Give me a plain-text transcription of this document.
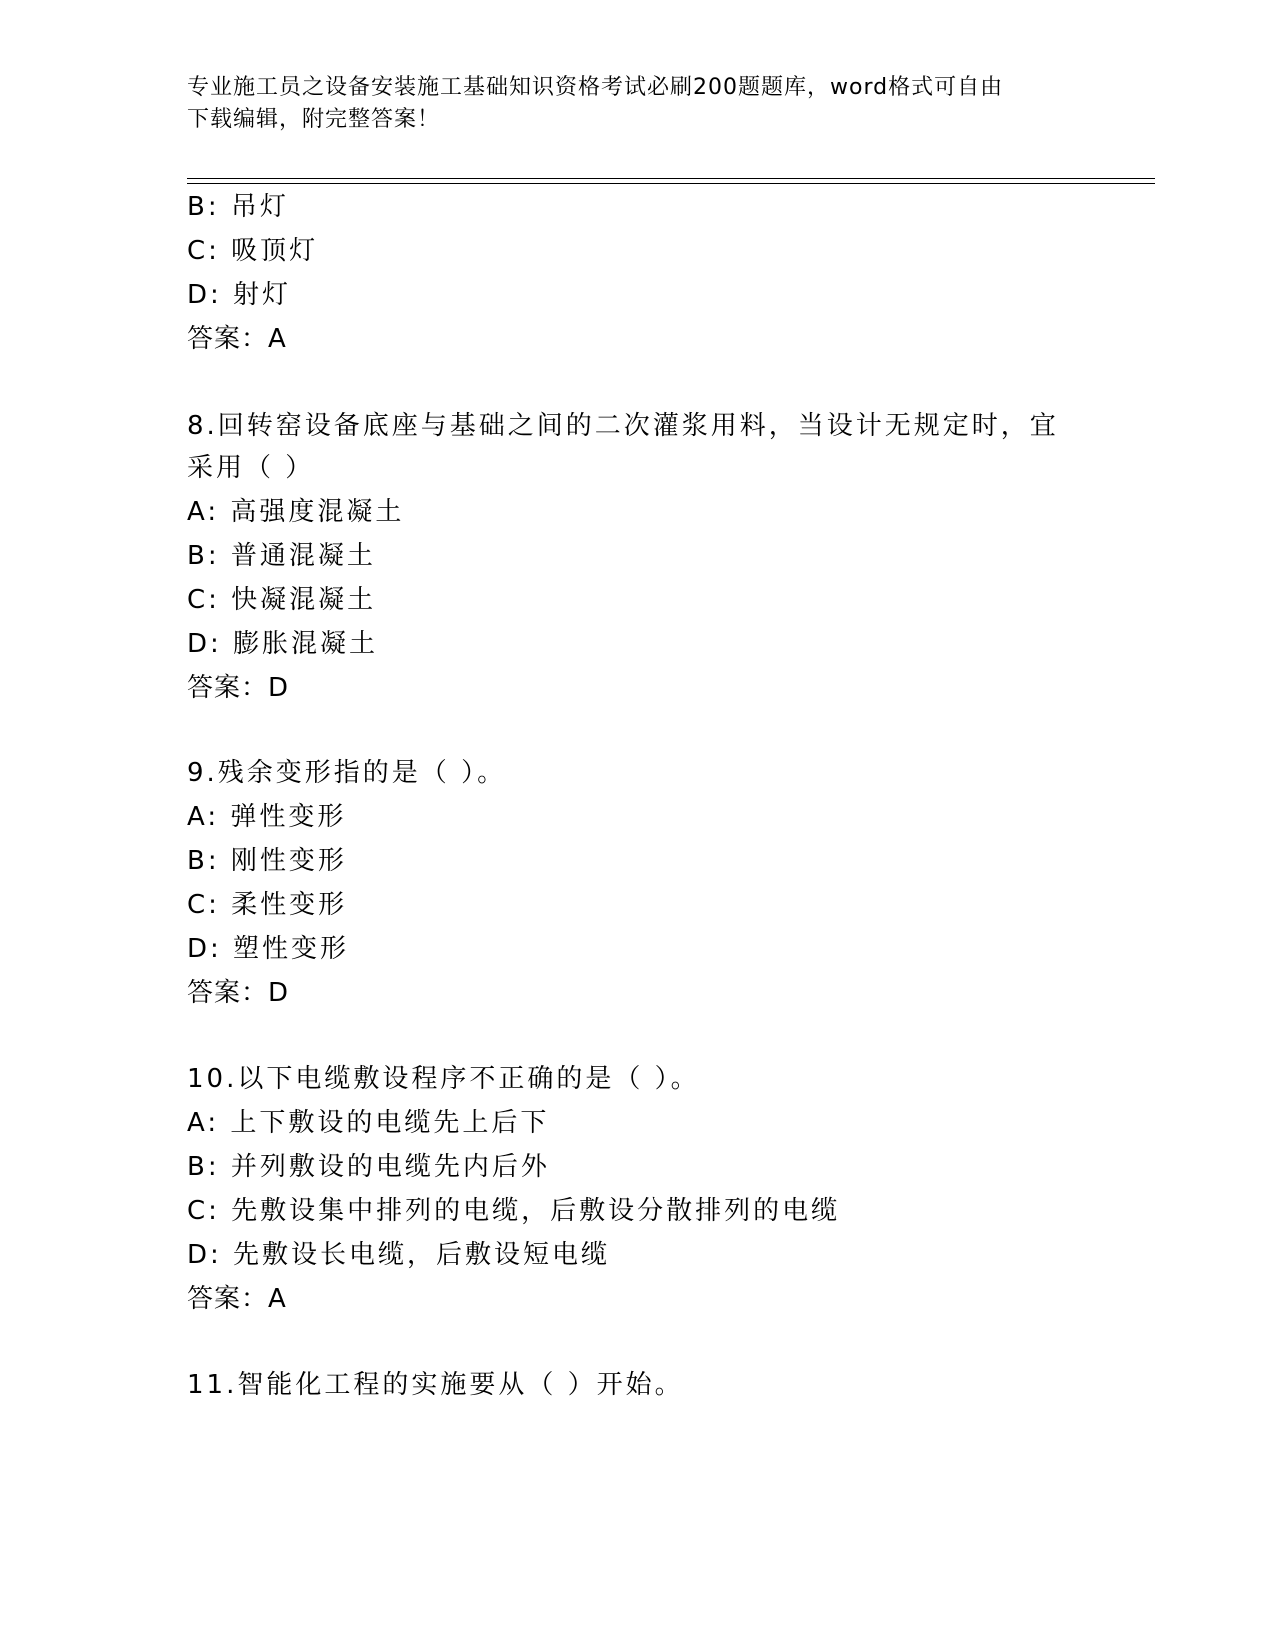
专业施工员之设备安装施工基础知识资格考试必刷200题题库，word格式可自由
下载编辑，附完整答案！
B: 吊灯
C: 吸顶灯
D: 射灯
答案：A
8.回转窑设备底座与基础之间的二次灌浆用料，当设计无规定时，宜
采用（ ）
A: 高强度混凝土
B: 普通混凝土
C: 快凝混凝土
D: 膨胀混凝土
答案：D
9.残余变形指的是（ ）。
A: 弹性变形
B: 刚性变形
C: 柔性变形
D: 塑性变形
答案：D
10.以下电缆敷设程序不正确的是（ ）。
A: 上下敷设的电缆先上后下
B: 并列敷设的电缆先内后外
C: 先敷设集中排列的电缆，后敷设分散排列的电缆
D: 先敷设长电缆，后敷设短电缆
答案：A
11.智能化工程的实施要从（ ）开始。
